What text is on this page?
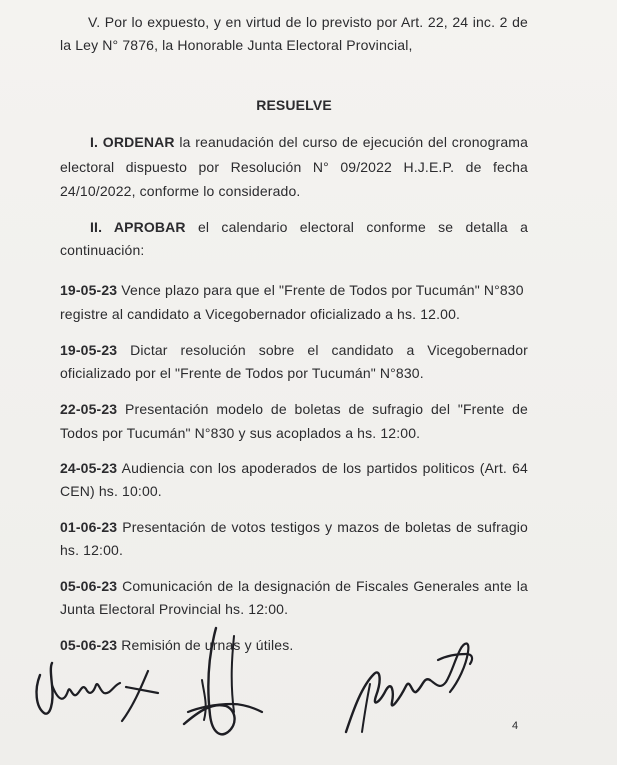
V. Por lo expuesto, y en virtud de lo previsto por Art. 22, 24 inc. 2 de
la Ley N° 7876, la Honorable Junta Electoral Provincial,
RESUELVE
I. ORDENAR la reanudación del curso de ejecución del cronograma
electoral dispuesto por Resolución N° 09/2022 H.J.E.P. de fecha
24/10/2022, conforme lo considerado.
II. APROBAR el calendario electoral conforme se detalla a
continuación:
19-05-23 Vence plazo para que el "Frente de Todos por Tucumán" N°830
registre al candidato a Vicegobernador oficializado a hs. 12.00.
19-05-23 Dictar resolución sobre el candidato a Vicegobernador
oficializado por el "Frente de Todos por Tucumán" N°830.
22-05-23 Presentación modelo de boletas de sufragio del "Frente de
Todos por Tucumán" N°830 y sus acoplados a hs. 12:00.
24-05-23 Audiencia con los apoderados de los partidos politicos (Art. 64
CEN) hs. 10:00.
01-06-23 Presentación de votos testigos y mazos de boletas de sufragio
hs. 12:00.
05-06-23 Comunicación de la designación de Fiscales Generales ante la
Junta Electoral Provincial hs. 12:00.
05-06-23 Remisión de urnas y útiles.
4
